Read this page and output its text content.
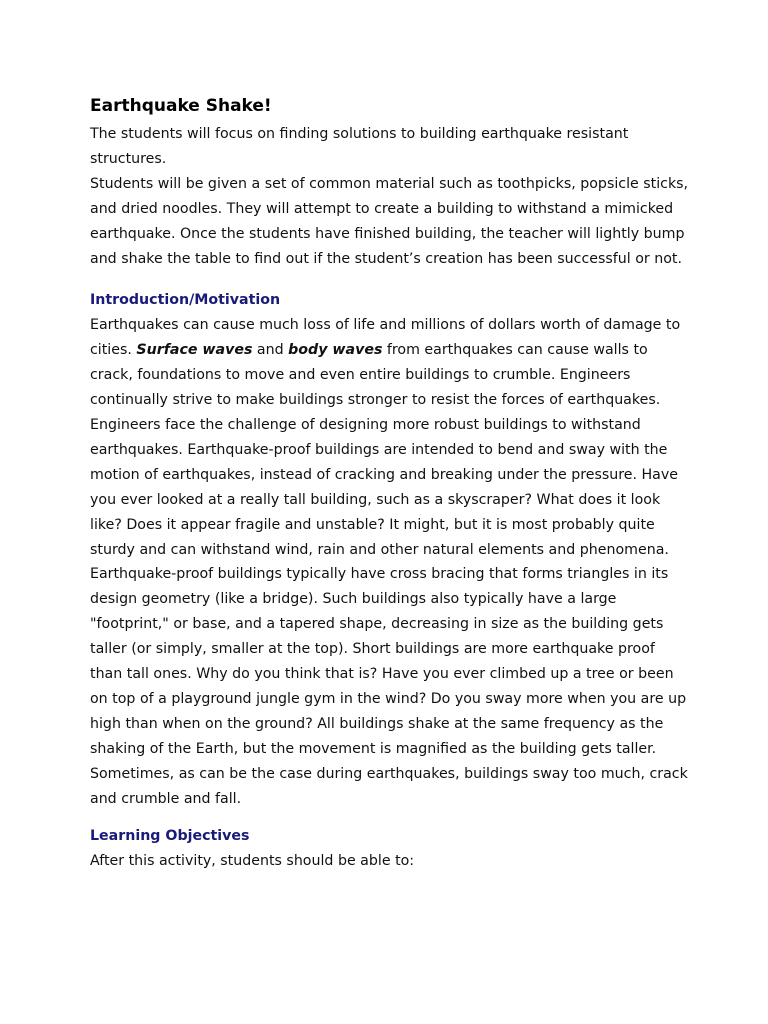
Earthquake Shake!

The students will focus on finding solutions to building earthquake resistant structures.

Students will be given a set of common material such as toothpicks, popsicle sticks, and dried noodles. They will attempt to create a building to withstand a mimicked earthquake. Once the students have finished building, the teacher will lightly bump and shake the table to find out if the student’s creation has been successful or not.

Introduction/Motivation

Earthquakes can cause much loss of life and millions of dollars worth of damage to cities. Surface waves and body waves from earthquakes can cause walls to crack, foundations to move and even entire buildings to crumble. Engineers continually strive to make buildings stronger to resist the forces of earthquakes.

Engineers face the challenge of designing more robust buildings to withstand earthquakes. Earthquake-proof buildings are intended to bend and sway with the motion of earthquakes, instead of cracking and breaking under the pressure. Have you ever looked at a really tall building, such as a skyscraper? What does it look like? Does it appear fragile and unstable? It might, but it is most probably quite sturdy and can withstand wind, rain and other natural elements and phenomena. Earthquake-proof buildings typically have cross bracing that forms triangles in its design geometry (like a bridge). Such buildings also typically have a large "footprint," or base, and a tapered shape, decreasing in size as the building gets taller (or simply, smaller at the top). Short buildings are more earthquake proof than tall ones. Why do you think that is? Have you ever climbed up a tree or been on top of a playground jungle gym in the wind? Do you sway more when you are up high than when on the ground? All buildings shake at the same frequency as the shaking of the Earth, but the movement is magnified as the building gets taller. Sometimes, as can be the case during earthquakes, buildings sway too much, crack and crumble and fall.

Learning Objectives

After this activity, students should be able to:
